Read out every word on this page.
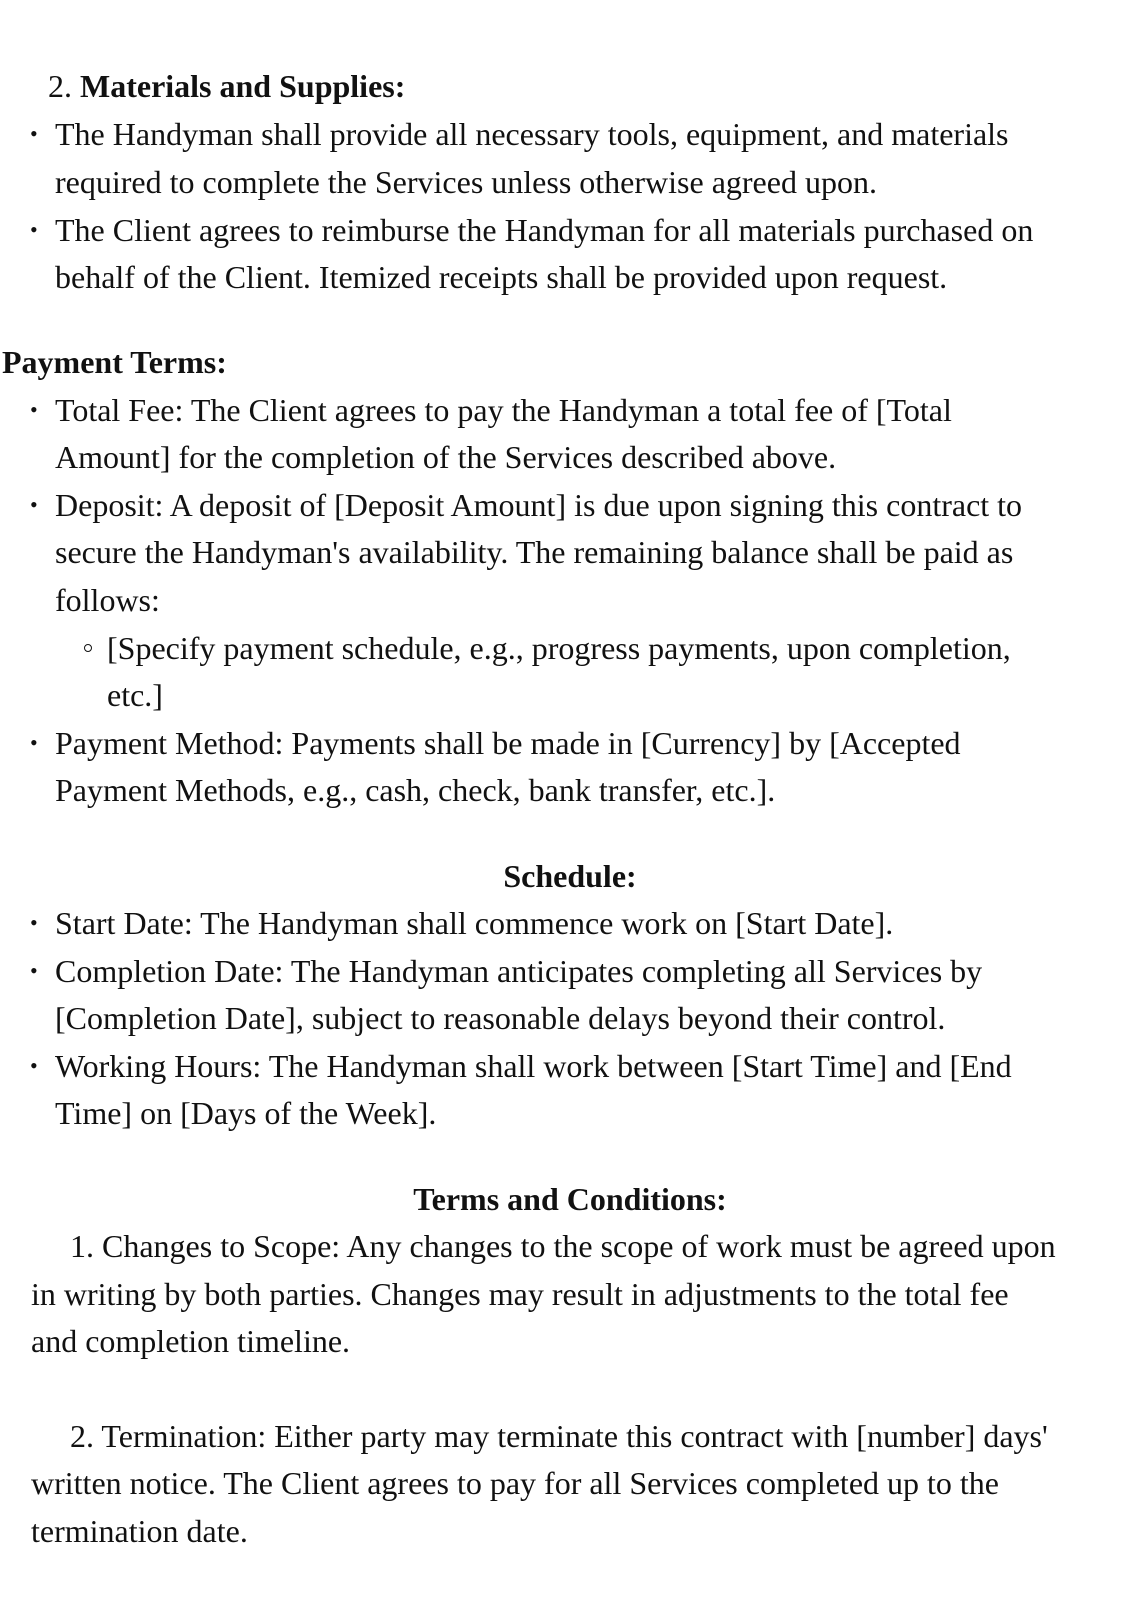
2. Materials and Supplies:
• The Handyman shall provide all necessary tools, equipment, and materials
required to complete the Services unless otherwise agreed upon.
• The Client agrees to reimburse the Handyman for all materials purchased on
behalf of the Client. Itemized receipts shall be provided upon request.
Payment Terms:
• Total Fee: The Client agrees to pay the Handyman a total fee of [Total
Amount] for the completion of the Services described above.
• Deposit: A deposit of [Deposit Amount] is due upon signing this contract to
secure the Handyman's availability. The remaining balance shall be paid as
follows:
[Specify payment schedule, e.g., progress payments, upon completion,
etc.]
• Payment Method: Payments shall be made in [Currency] by [Accepted
Payment Methods, e.g., cash, check, bank transfer, etc.].
Schedule:
• Start Date: The Handyman shall commence work on [Start Date].
• Completion Date: The Handyman anticipates completing all Services by
[Completion Date], subject to reasonable delays beyond their control.
• Working Hours: The Handyman shall work between [Start Time] and [End
Time] on [Days of the Week].
Terms and Conditions:
1. Changes to Scope: Any changes to the scope of work must be agreed upon
in writing by both parties. Changes may result in adjustments to the total fee
and completion timeline.
2. Termination: Either party may terminate this contract with [number] days'
written notice. The Client agrees to pay for all Services completed up to the
termination date.
